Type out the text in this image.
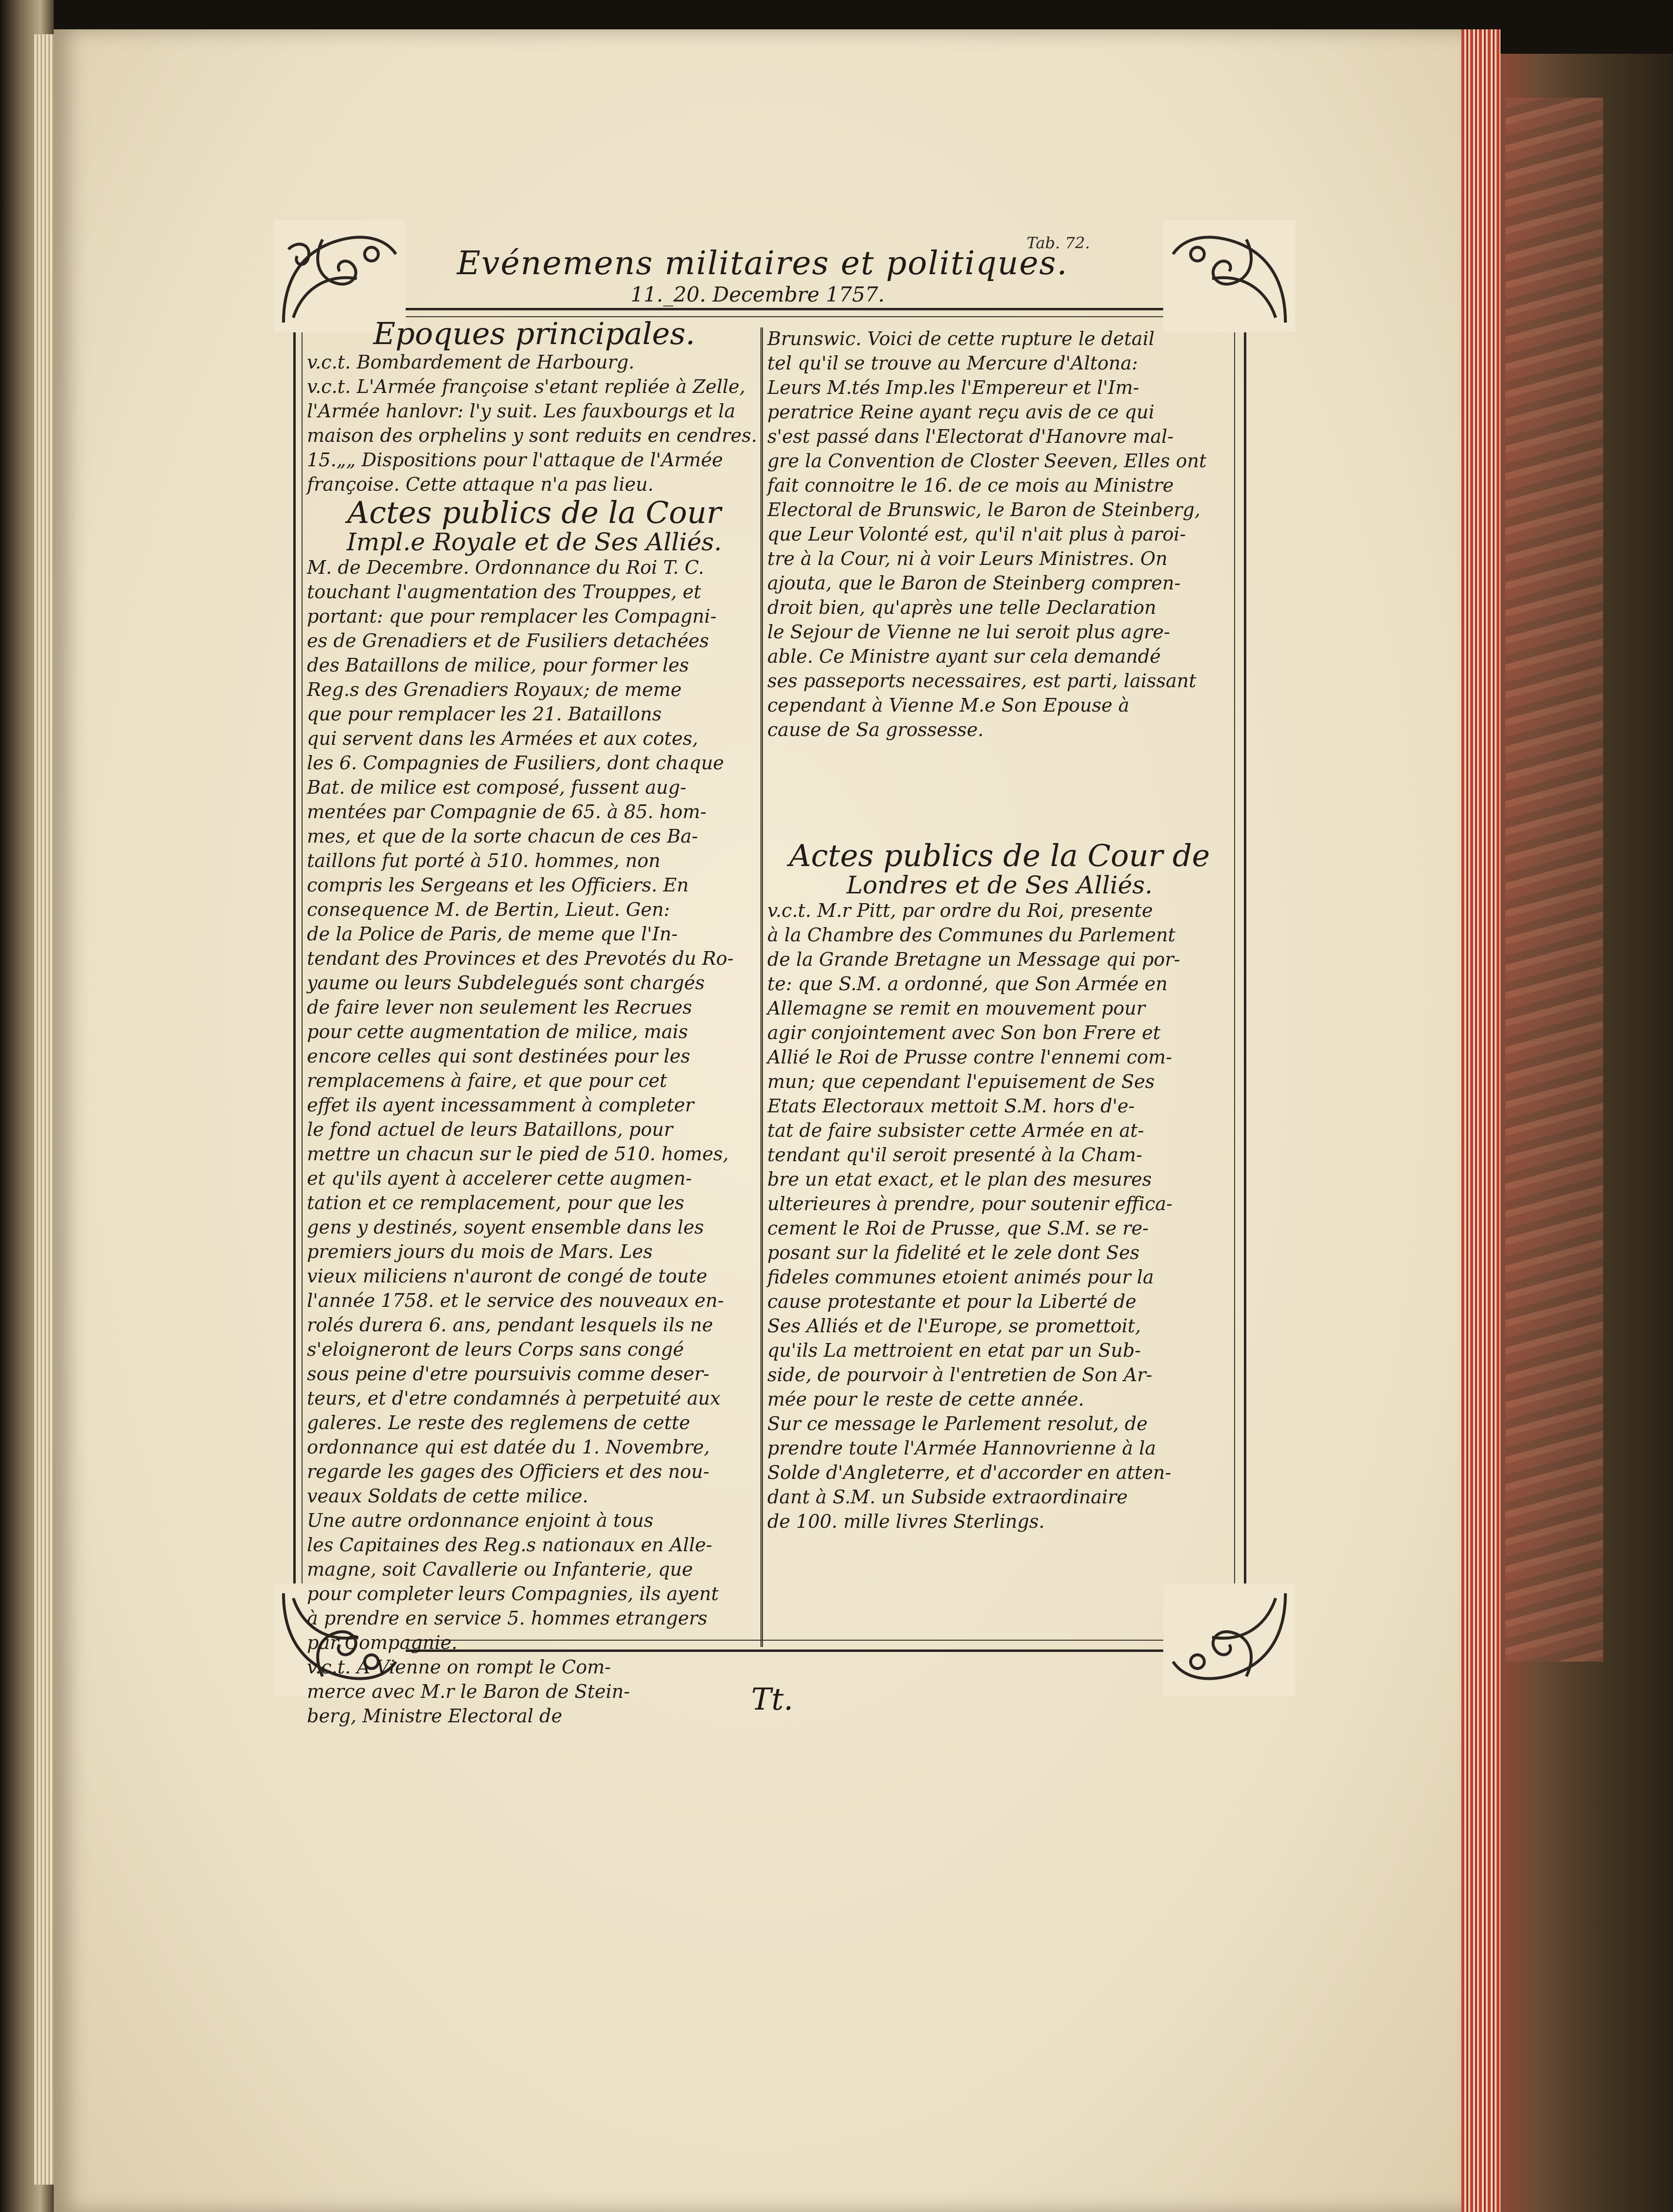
Tab. 72.
Evénemens militaires et politiques.
11._20. Decembre 1757.
Epoques principales.

v.c.t. Bombardement de Harbourg.

v.c.t. L'Armée françoise s'etant repliée à Zelle,

l'Armée hanlovr: l'y suit. Les fauxbourgs et la

maison des orphelins y sont reduits en cendres.

15.„„ Dispositions pour l'attaque de l'Armée

françoise. Cette attaque n'a pas lieu.

Actes publics de la Cour
Impl.e Royale et de Ses Alliés.

M. de Decembre. Ordonnance du Roi T. C.

touchant l'augmentation des Trouppes, et

portant: que pour remplacer les Compagni-

es de Grenadiers et de Fusiliers detachées

des Bataillons de milice, pour former les

Reg.s des Grenadiers Royaux; de meme

que pour remplacer les 21. Bataillons

qui servent dans les Armées et aux cotes,

les 6. Compagnies de Fusiliers, dont chaque

Bat. de milice est composé, fussent aug-

mentées par Compagnie de 65. à 85. hom-

mes, et que de la sorte chacun de ces Ba-

taillons fut porté à 510. hommes, non

compris les Sergeans et les Officiers. En

consequence M. de Bertin, Lieut. Gen:

de la Police de Paris, de meme que l'In-

tendant des Provinces et des Prevotés du Ro-

yaume ou leurs Subdelegués sont chargés

de faire lever non seulement les Recrues

pour cette augmentation de milice, mais

encore celles qui sont destinées pour les

remplacemens à faire, et que pour cet

effet ils ayent incessamment à completer

le fond actuel de leurs Bataillons, pour

mettre un chacun sur le pied de 510. homes,

et qu'ils ayent à accelerer cette augmen-

tation et ce remplacement, pour que les

gens y destinés, soyent ensemble dans les

premiers jours du mois de Mars. Les

vieux miliciens n'auront de congé de toute

l'année 1758. et le service des nouveaux en-

rolés durera 6. ans, pendant lesquels ils ne

s'eloigneront de leurs Corps sans congé

sous peine d'etre poursuivis comme deser-

teurs, et d'etre condamnés à perpetuité aux

galeres. Le reste des reglemens de cette

ordonnance qui est datée du 1. Novembre,

regarde les gages des Officiers et des nou-

veaux Soldats de cette milice.

Une autre ordonnance enjoint à tous

les Capitaines des Reg.s nationaux en Alle-

magne, soit Cavallerie ou Infanterie, que

pour completer leurs Compagnies, ils ayent

à prendre en service 5. hommes etrangers

par Compagnie.

v.c.t. A Vienne on rompt le Com-

merce avec M.r le Baron de Stein-

berg, Ministre Electoral de

Brunswic. Voici de cette rupture le detail

tel qu'il se trouve au Mercure d'Altona:

Leurs M.tés Imp.les l'Empereur et l'Im-

peratrice Reine ayant reçu avis de ce qui

s'est passé dans l'Electorat d'Hanovre mal-

gre la Convention de Closter Seeven, Elles ont

fait connoitre le 16. de ce mois au Ministre

Electoral de Brunswic, le Baron de Steinberg,

que Leur Volonté est, qu'il n'ait plus à paroi-

tre à la Cour, ni à voir Leurs Ministres. On

ajouta, que le Baron de Steinberg compren-

droit bien, qu'après une telle Declaration

le Sejour de Vienne ne lui seroit plus agre-

able. Ce Ministre ayant sur cela demandé

ses passeports necessaires, est parti, laissant

cependant à Vienne M.e Son Epouse à

cause de Sa grossesse.

Actes publics de la Cour de
Londres et de Ses Alliés.

v.c.t. M.r Pitt, par ordre du Roi, presente

à la Chambre des Communes du Parlement

de la Grande Bretagne un Message qui por-

te: que S.M. a ordonné, que Son Armée en

Allemagne se remit en mouvement pour

agir conjointement avec Son bon Frere et

Allié le Roi de Prusse contre l'ennemi com-

mun; que cependant l'epuisement de Ses

Etats Electoraux mettoit S.M. hors d'e-

tat de faire subsister cette Armée en at-

tendant qu'il seroit presenté à la Cham-

bre un etat exact, et le plan des mesures

ulterieures à prendre, pour soutenir effica-

cement le Roi de Prusse, que S.M. se re-

posant sur la fidelité et le zele dont Ses

fideles communes etoient animés pour la

cause protestante et pour la Liberté de

Ses Alliés et de l'Europe, se promettoit,

qu'ils La mettroient en etat par un Sub-

side, de pourvoir à l'entretien de Son Ar-

mée pour le reste de cette année.

Sur ce message le Parlement resolut, de

prendre toute l'Armée Hannovrienne à la

Solde d'Angleterre, et d'accorder en atten-

dant à S.M. un Subside extraordinaire

de 100. mille livres Sterlings.

Tt.
